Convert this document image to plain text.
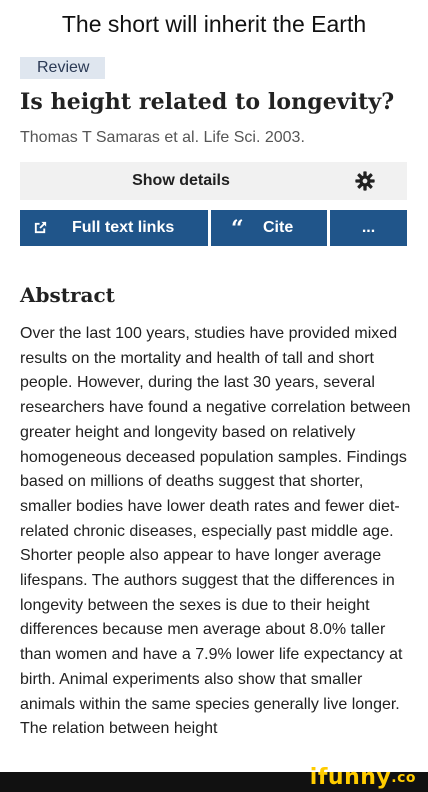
The short will inherit the Earth
Review
Is height related to longevity?
Thomas T Samaras et al. Life Sci. 2003.
Show details
Full text links	“ Cite	...
Abstract

Over the last 100 years, studies have provided mixed results on the mortality and health of tall and short people. However, during the last 30 years, several researchers have found a negative correlation between greater height and longevity based on relatively homogeneous deceased population samples. Findings based on millions of deaths suggest that shorter, smaller bodies have lower death rates and fewer diet-related chronic diseases, especially past middle age. Shorter people also appear to have longer average lifespans. The authors suggest that the differences in longevity between the sexes is due to their height differences because men average about 8.0% taller than women and have a 7.9% lower life expectancy at birth. Animal experiments also show that smaller animals within the same species generally live longer. The relation between height

ifunny$^{.co}$
